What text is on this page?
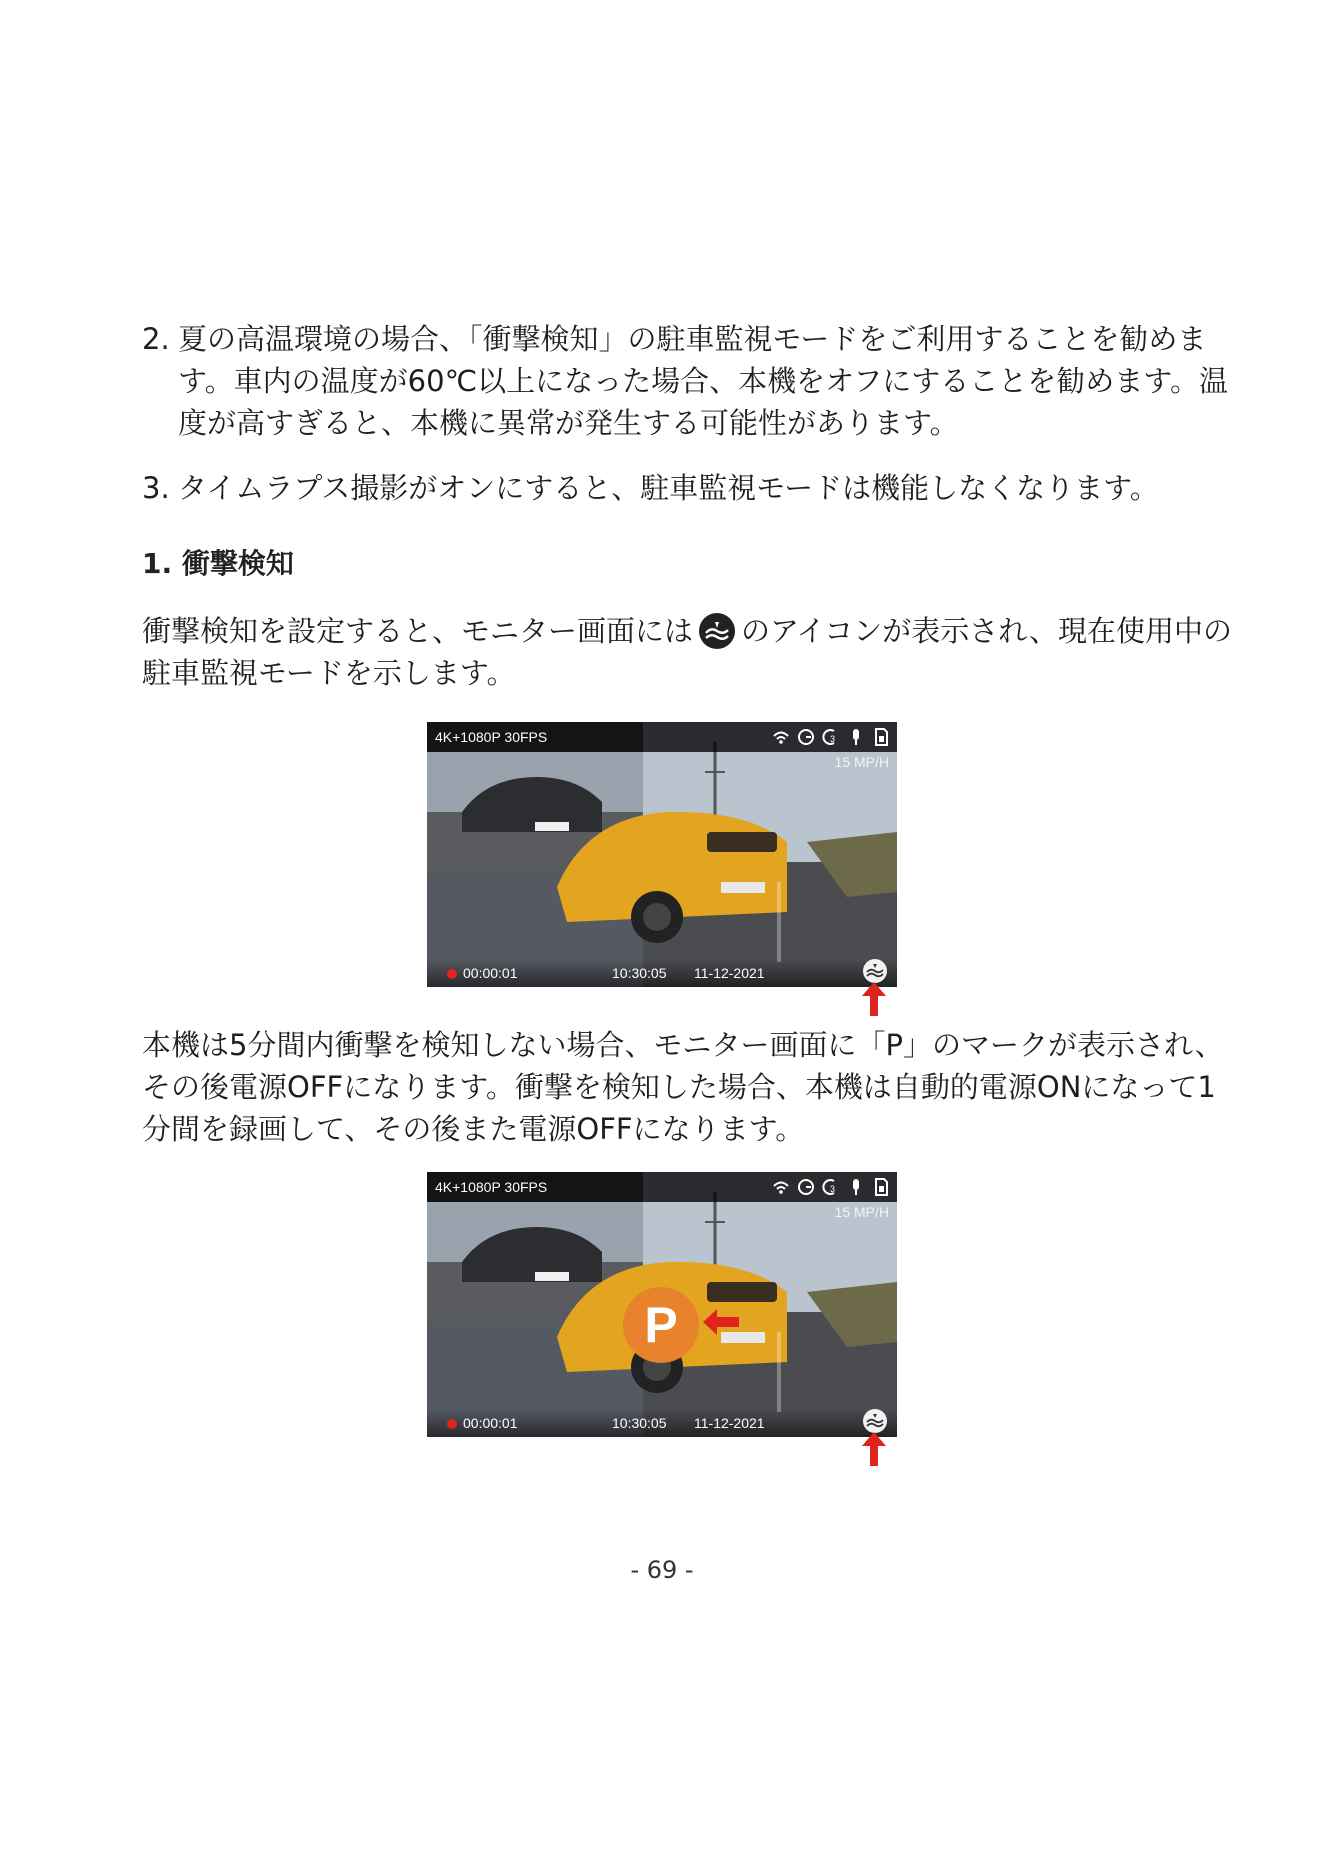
2. 夏の高温環境の場合、「衝撃検知」の駐車監視モードをご利用することを勧めます。車内の温度が60℃以上になった場合、本機をオフにすることを勧めます。温度が高すぎると、本機に異常が発生する可能性があります。
3. タイムラプス撮影がオンにすると、駐車監視モードは機能しなくなります。
1. 衝撃検知
衝撃検知を設定すると、モニター画面には のアイコンが表示され、現在使用中の駐車監視モードを示します。
4K+1080P 30FPS	3
15 MP/H
00:00:01	10:30:05 11-12-2021
本機は5分間内衝撃を検知しない場合、モニター画面に「P」のマークが表示され、その後電源OFFになります。衝撃を検知した場合、本機は自動的電源ONになって1分間を録画して、その後また電源OFFになります。
4K+1080P 30FPS	3
15 MP/H
P
00:00:01	10:30:05 11-12-2021
- 69 -
